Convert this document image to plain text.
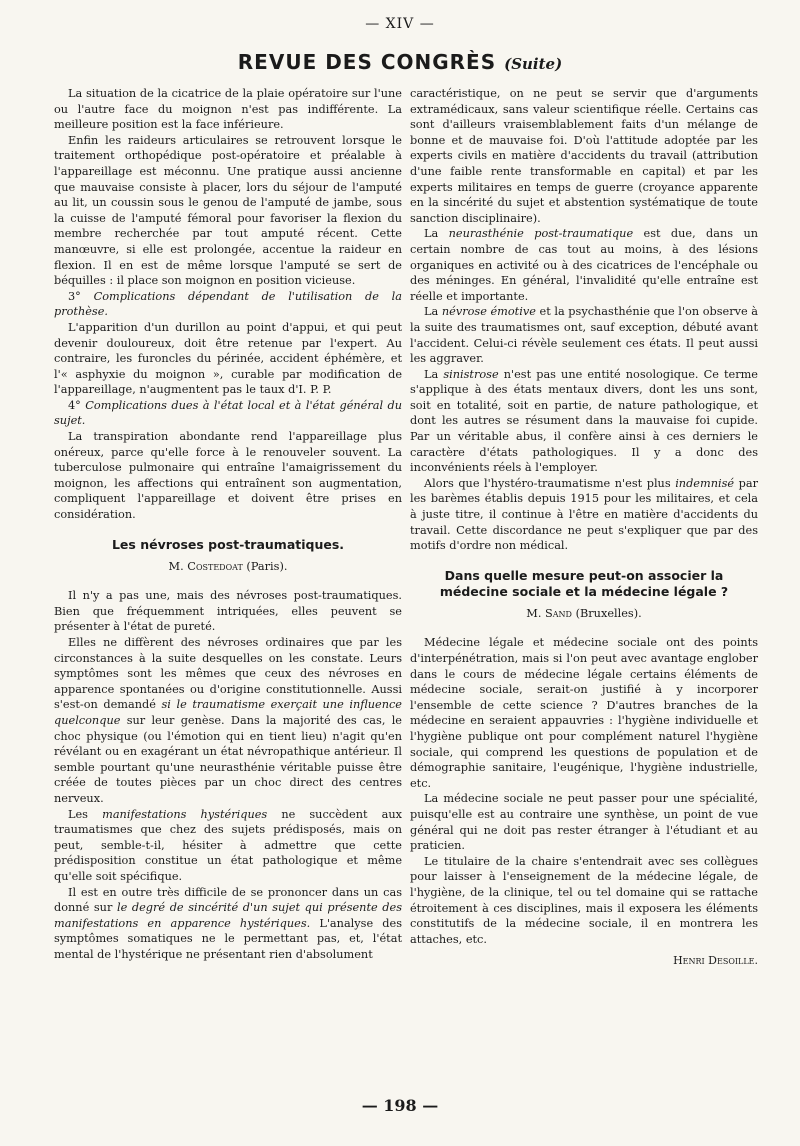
— XIV —
REVUE DES CONGRÈS (Suite)

La situation de la cicatrice de la plaie opératoire sur l'une ou l'autre face du moignon n'est pas indifférente. La meilleure position est la face inférieure.

Enfin les raideurs articulaires se retrouvent lorsque le traitement orthopédique post-opératoire et préalable à l'appareillage est méconnu. Une pratique aussi ancienne que mauvaise consiste à placer, lors du séjour de l'amputé au lit, un coussin sous le genou de l'amputé de jambe, sous la cuisse de l'amputé fémoral pour favoriser la flexion du membre recherchée par tout amputé récent. Cette manœuvre, si elle est prolongée, accentue la raideur en flexion. Il en est de même lorsque l'amputé se sert de béquilles : il place son moignon en position vicieuse.

3° Complications dépendant de l'utilisation de la prothèse.

L'apparition d'un durillon au point d'appui, et qui peut devenir douloureux, doit être retenue par l'expert. Au contraire, les furoncles du périnée, accident éphémère, et l'« asphyxie du moignon », curable par modification de l'appareillage, n'augmentent pas le taux d'I. P. P.

4° Complications dues à l'état local et à l'état général du sujet.

La transpiration abondante rend l'appareillage plus onéreux, parce qu'elle force à le renouveler souvent. La tuberculose pulmonaire qui entraîne l'amaigrissement du moignon, les affections qui entraînent son augmentation, compliquent l'appareillage et doivent être prises en considération.

Les névroses post-traumatiques.

M. Costedoat (Paris).

Il n'y a pas une, mais des névroses post-traumatiques. Bien que fréquemment intriquées, elles peuvent se présenter à l'état de pureté.

Elles ne diffèrent des névroses ordinaires que par les circonstances à la suite desquelles on les constate. Leurs symptômes sont les mêmes que ceux des névroses en apparence spontanées ou d'origine constitutionnelle. Aussi s'est-on demandé si le traumatisme exerçait une influence quelconque sur leur genèse. Dans la majorité des cas, le choc physique (ou l'émotion qui en tient lieu) n'agit qu'en révélant ou en exagérant un état névropathique antérieur. Il semble pourtant qu'une neurasthénie véritable puisse être créée de toutes pièces par un choc direct des centres nerveux.

Les manifestations hystériques ne succèdent aux traumatismes que chez des sujets prédisposés, mais on peut, semble-t-il, hésiter à admettre que cette prédisposition constitue un état pathologique et même qu'elle soit spécifique.

Il est en outre très difficile de se prononcer dans un cas donné sur le degré de sincérité d'un sujet qui présente des manifestations en apparence hystériques. L'analyse des symptômes somatiques ne le permettant pas, et, l'état mental de l'hystérique ne présentant rien d'absolument

caractéristique, on ne peut se servir que d'arguments extramédicaux, sans valeur scientifique réelle. Certains cas sont d'ailleurs vraisemblablement faits d'un mélange de bonne et de mauvaise foi. D'où l'attitude adoptée par les experts civils en matière d'accidents du travail (attribution d'une faible rente transformable en capital) et par les experts militaires en temps de guerre (croyance apparente en la sincérité du sujet et abstention systématique de toute sanction disciplinaire).

La neurasthénie post-traumatique est due, dans un certain nombre de cas tout au moins, à des lésions organiques en activité ou à des cicatrices de l'encéphale ou des méninges. En général, l'invalidité qu'elle entraîne est réelle et importante.

La névrose émotive et la psychasthénie que l'on observe à la suite des traumatismes ont, sauf exception, débuté avant l'accident. Celui-ci révèle seulement ces états. Il peut aussi les aggraver.

La sinistrose n'est pas une entité nosologique. Ce terme s'applique à des états mentaux divers, dont les uns sont, soit en totalité, soit en partie, de nature pathologique, et dont les autres se résument dans la mauvaise foi cupide. Par un véritable abus, il confère ainsi à ces derniers le caractère d'états pathologiques. Il y a donc des inconvénients réels à l'employer.

Alors que l'hystéro-traumatisme n'est plus indemnisé par les barèmes établis depuis 1915 pour les militaires, et cela à juste titre, il continue à l'être en matière d'accidents du travail. Cette discordance ne peut s'expliquer que par des motifs d'ordre non médical.

Dans quelle mesure peut-on associer la médecine sociale et la médecine légale ?

M. Sand (Bruxelles).

Médecine légale et médecine sociale ont des points d'interpénétration, mais si l'on peut avec avantage englober dans le cours de médecine légale certains éléments de médecine sociale, serait-on justifié à y incorporer l'ensemble de cette science ? D'autres branches de la médecine en seraient appauvries : l'hygiène individuelle et l'hygiène publique ont pour complément naturel l'hygiène sociale, qui comprend les questions de population et de démographie sanitaire, l'eugénique, l'hygiène industrielle, etc.

La médecine sociale ne peut passer pour une spécialité, puisqu'elle est au contraire une synthèse, un point de vue général qui ne doit pas rester étranger à l'étudiant et au praticien.

Le titulaire de la chaire s'entendrait avec ses collègues pour laisser à l'enseignement de la médecine légale, de l'hygiène, de la clinique, tel ou tel domaine qui se rattache étroitement à ces disciplines, mais il exposera les éléments constitutifs de la médecine sociale, il en montrera les attaches, etc.

Henri Desoille.
— 198 —
